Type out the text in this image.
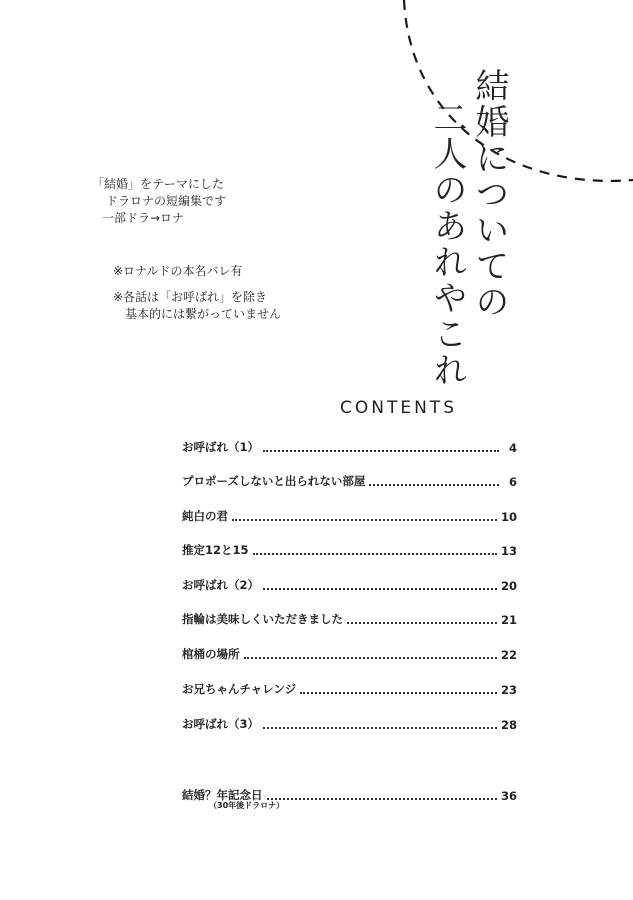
結婚についての
二人のあれやこれ
「結婚」をテーマにした
ドラロナの短編集です
一部ドラ→ロナ
※ロナルドの本名バレ有
※各話は「お呼ばれ」を除き
基本的には繋がっていません
CONTENTS
お呼ばれ（1）	4
プロポーズしないと出られない部屋	6
純白の君	10
推定12と15	13
お呼ばれ（2）	20
指輪は美味しくいただきました	21
棺桶の場所	22
お兄ちゃんチャレンジ	23
お呼ばれ（3）	28
結婚？年記念日	36
（30年後ドラロナ）
